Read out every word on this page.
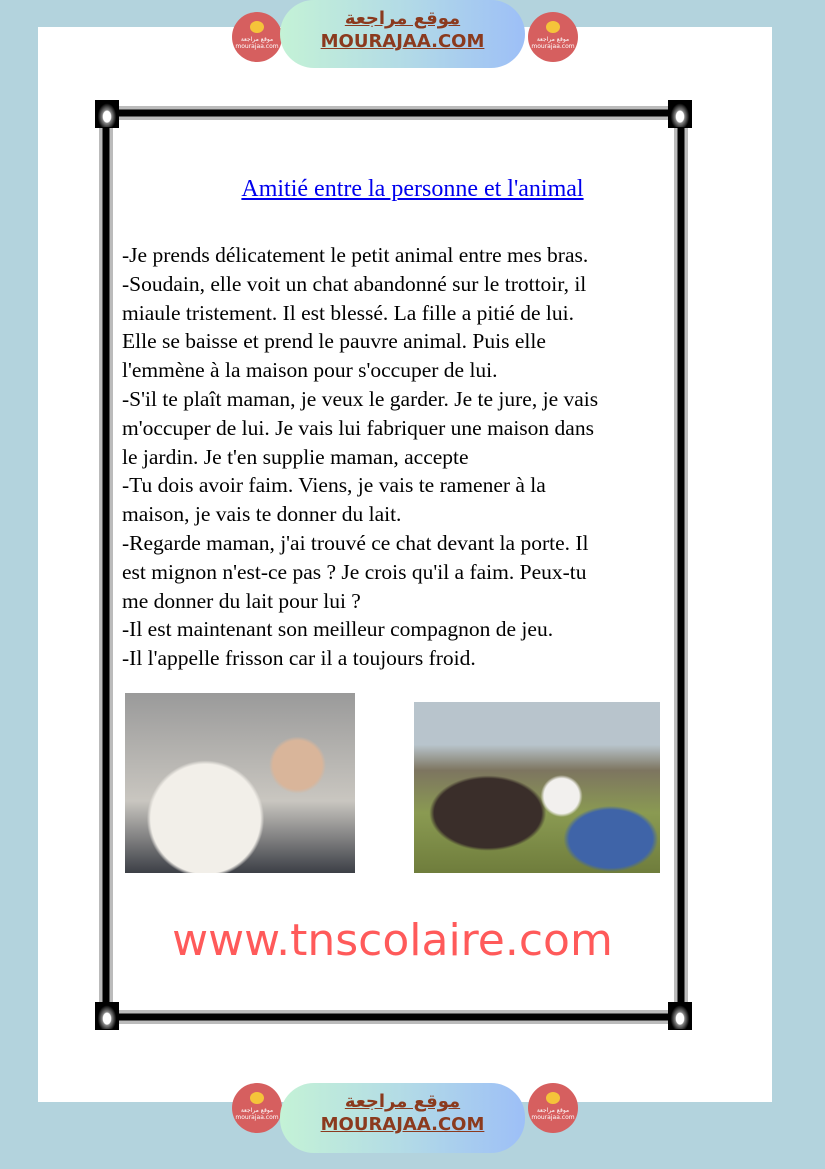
موقع مراجعة mourajaa.com
موقع مراجعة
MOURAJAA.COM	موقع مراجعة mourajaa.com
Amitié entre la personne et l'animal
-Je prends délicatement le petit animal entre mes bras.
-Soudain, elle voit un chat abandonné sur le trottoir, il
miaule tristement. Il est blessé. La fille a pitié de lui.
Elle se baisse et prend le pauvre animal. Puis elle
l'emmène à la maison pour s'occuper de lui.
-S'il te plaît maman, je veux le garder. Je te jure, je vais
m'occuper de lui. Je vais lui fabriquer une maison dans
le jardin. Je t'en supplie maman, accepte
-Tu dois avoir faim. Viens, je vais te ramener à la
maison, je vais te donner du lait.
-Regarde maman, j'ai trouvé ce chat devant la porte. Il
est mignon n'est-ce pas ? Je crois qu'il a faim. Peux-tu
me donner du lait pour lui ?
-Il est maintenant son meilleur compagnon de jeu.
-Il l'appelle frisson car il a toujours froid.
www.tnscolaire.com
موقع مراجعة mourajaa.com
موقع مراجعة
MOURAJAA.COM
موقع مراجعة mourajaa.com
